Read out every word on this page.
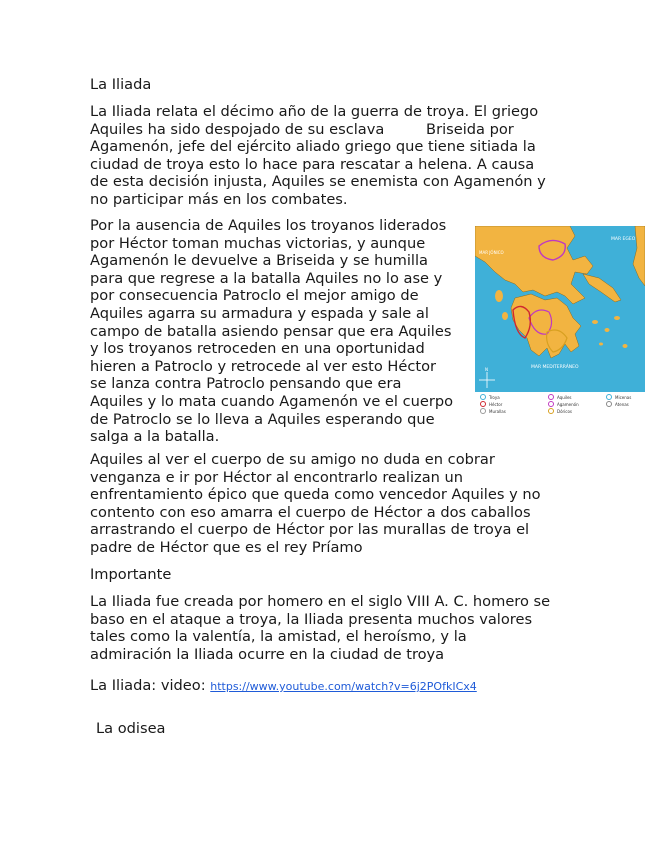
La Iliada
La Iliada relata el décimo año de la guerra de troya. El griego
Aquiles ha sido despojado de su esclava         Briseida por
Agamenón, jefe del ejército aliado griego que tiene sitiada la
ciudad de troya esto lo hace para rescatar a helena. A causa
de esta decisión injusta, Aquiles se enemista con Agamenón y
no participar más en los combates.
Por la ausencia de Aquiles los troyanos liderados
por Héctor toman muchas victorias, y aunque
Agamenón le devuelve a Briseida y se humilla
para que regrese a la batalla Aquiles no lo ase y
por consecuencia Patroclo el mejor amigo de
Aquiles agarra su armadura y espada y sale al
campo de batalla asiendo pensar que era Aquiles
y los troyanos retroceden en una oportunidad
hieren a Patroclo y retrocede al ver esto Héctor
se lanza contra Patroclo pensando que era
Aquiles y lo mata cuando Agamenón ve el cuerpo
de Patroclo se lo lleva a Aquiles esperando que
salga a la batalla.
MAR EGEO
MAR JÓNICO
MAR MEDITERRÁNEO
N
Troya	Aquiles	Micenas
Héctor	Agamenón	Atenas
Murallas	Dóricos
Aquiles al ver el cuerpo de su amigo no duda en cobrar
venganza e ir por Héctor al encontrarlo realizan un
enfrentamiento épico que queda como vencedor Aquiles y no
contento con eso amarra el cuerpo de Héctor a dos caballos
arrastrando el cuerpo de Héctor por las murallas de troya el
padre de Héctor que es el rey Príamo
Importante
La Iliada fue creada por homero en el siglo VIII A. C. homero se
baso en el ataque a troya, la Iliada presenta muchos valores
tales como la valentía, la amistad, el heroísmo, y la
admiración la Iliada ocurre en la ciudad de troya
La Iliada: video: https://www.youtube.com/watch?v=6j2POfkICx4
La odisea
